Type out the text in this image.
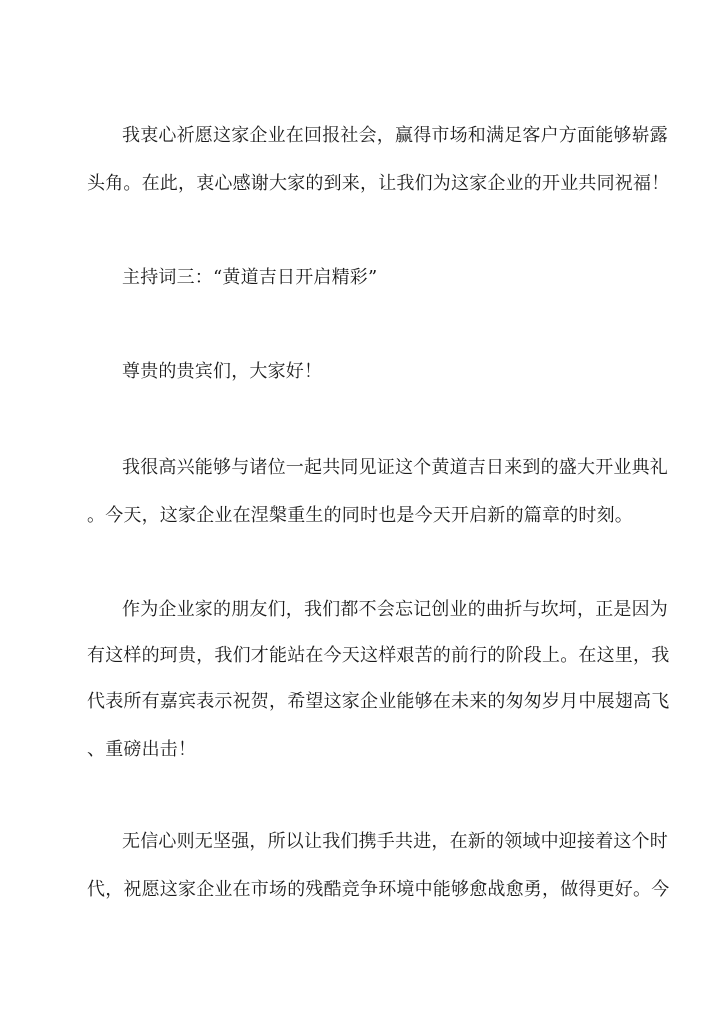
我衷心祈愿这家企业在回报社会，赢得市场和满足客户方面能够崭露
头角。在此，衷心感谢大家的到来，让我们为这家企业的开业共同祝福！
主持词三：“黄道吉日开启精彩”
尊贵的贵宾们，大家好！
我很高兴能够与诸位一起共同见证这个黄道吉日来到的盛大开业典礼
。今天，这家企业在涅槃重生的同时也是今天开启新的篇章的时刻。
作为企业家的朋友们，我们都不会忘记创业的曲折与坎坷，正是因为
有这样的珂贵，我们才能站在今天这样艰苦的前行的阶段上。在这里，我
代表所有嘉宾表示祝贺，希望这家企业能够在未来的匆匆岁月中展翅高飞
、重磅出击！
无信心则无坚强，所以让我们携手共进，在新的领域中迎接着这个时
代，祝愿这家企业在市场的残酷竞争环境中能够愈战愈勇，做得更好。今
